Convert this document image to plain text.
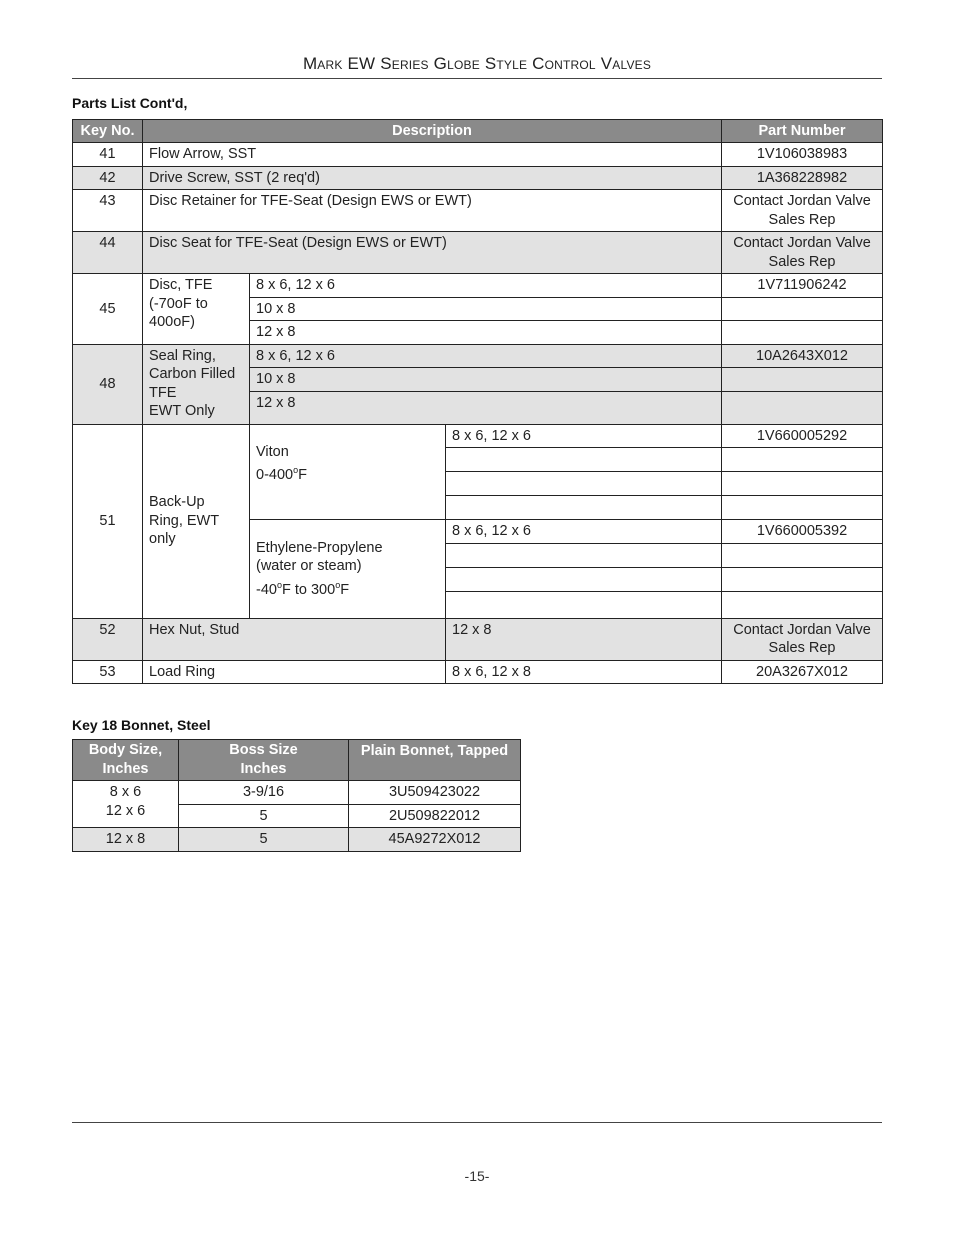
Mark EW Series Globe Style Control Valves
Parts List Cont'd,
Key No.	Description			Part Number
41	Flow Arrow, SST			1V106038983
42	Drive Screw, SST (2 req'd)			1A368228982
43	Disc Retainer for TFE-Seat (Design EWS or EWT)			Contact Jordan Valve
Sales Rep
44	Disc Seat for TFE-Seat (Design EWS or EWT)			Contact Jordan Valve
Sales Rep
45	Disc, TFE
(-70oF to
400oF)	8 x 6, 12 x 6		1V711906242
		10 x 8		
		12 x 8		
48	Seal Ring,
Carbon Filled
TFE
EWT Only	8 x 6, 12 x 6		10A2643X012
		10 x 8		
		12 x 8		
51	Back-Up
Ring, EWT
only	Viton
0-400$^o$F	8 x 6, 12 x 6	1V660005292

		Ethylene-Propylene
(water or steam)
-40$^o$F to 300$^o$F	8 x 6, 12 x 6	1V660005392

52	Hex Nut, Stud		12 x 8	Contact Jordan Valve
Sales Rep
53	Load Ring		8 x 6, 12 x 8	20A3267X012
Key 18 Bonnet, Steel
Body Size,
Inches	Boss Size
Inches	Plain Bonnet, Tapped
8 x 6
12 x 6	3-9/16	3U509423022
	5	2U509822012
12 x 8	5	45A9272X012
-15-
